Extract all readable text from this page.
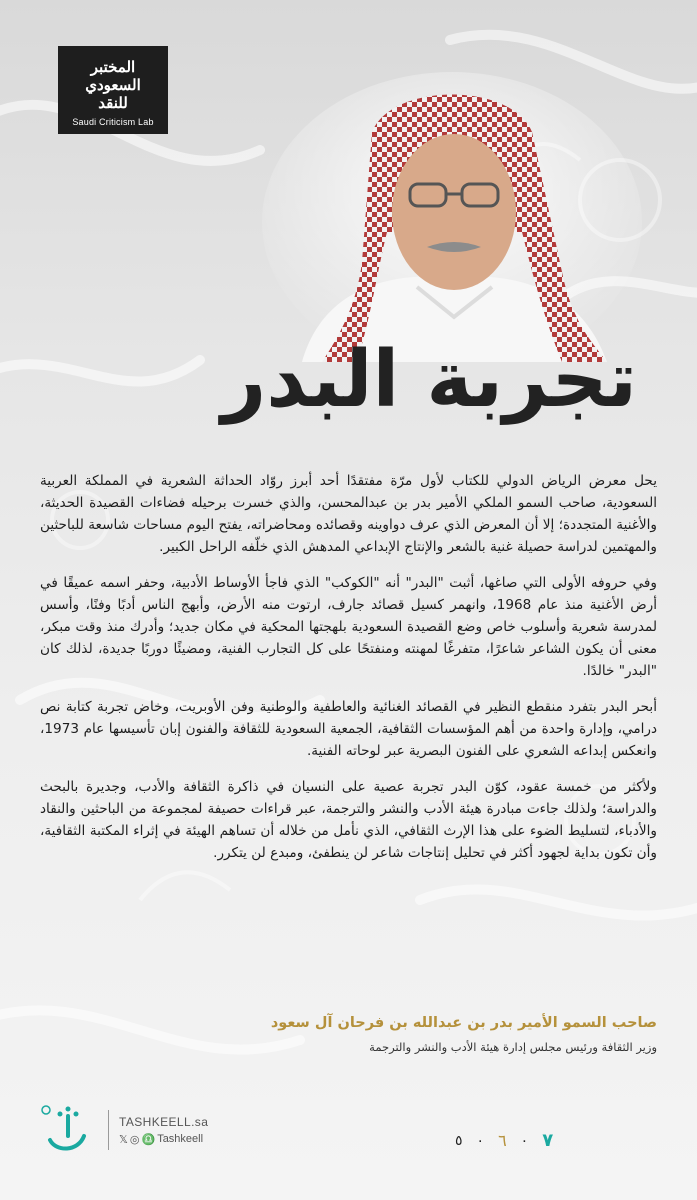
المختبر
السعودي
للنقد
Saudi Criticism Lab
تجربة البدر

يحل معرض الرياض الدولي للكتاب لأول مرّة مفتقدًا أحد أبرز روّاد الحداثة الشعرية في المملكة العربية السعودية، صاحب السمو الملكي الأمير بدر بن عبدالمحسن، والذي خسرت برحيله فضاءات القصيدة الحديثة، والأغنية المتجددة؛ إلا أن المعرض الذي عرف دواوينه وقصائده ومحاضراته، يفتح اليوم مساحات شاسعة للباحثين والمهتمين لدراسة حصيلة غنية بالشعر والإنتاج الإبداعي المدهش الذي خلّفه الراحل الكبير.

وفي حروفه الأولى التي صاغها، أثبت "البدر" أنه "الكوكب" الذي فاجأ الأوساط الأدبية، وحفر اسمه عميقًا في أرض الأغنية منذ عام 1968، وانهمر كسيل قصائد جارف، ارتوت منه الأرض، وأبهج الناس أدبًا وفنًا، وأسس لمدرسة شعرية وأسلوب خاص وضع القصيدة السعودية بلهجتها المحكية في مكان جديد؛ وأدرك منذ وقت مبكر، معنى أن يكون الشاعر شاعرًا، متفرغًا لمهنته ومنفتحًا على كل التجارب الفنية، ومضيئًا دوربًا جديدة، لذلك كان "البدر" خالدًا.

أبحر البدر بتفرد منقطع النظير في القصائد الغنائية والعاطفية والوطنية وفن الأوبريت، وخاض تجربة كتابة نص درامي، وإدارة واحدة من أهم المؤسسات الثقافية، الجمعية السعودية للثقافة والفنون إبان تأسيسها عام 1973، وانعكس إبداعه الشعري على الفنون البصرية عبر لوحاته الفنية.

ولأكثر من خمسة عقود، كوّن البدر تجربة عصية على النسيان في ذاكرة الثقافة والأدب، وجديرة بالبحث والدراسة؛ ولذلك جاءت مبادرة هيئة الأدب والنشر والترجمة، عبر قراءات حصيفة لمجموعة من الباحثين والنقاد والأدباء، لتسليط الضوء على هذا الإرث الثقافي، الذي نأمل من خلاله أن تساهم الهيئة في إثراء المكتبة الثقافية، وأن تكون بداية لجهود أكثر في تحليل إنتاجات شاعر لن ينطفئ، ومبدع لن يتكرر.

صاحب السمو الأمير بدر بن عبدالله بن فرحان آل سعود
وزير الثقافة ورئيس مجلس إدارة هيئة الأدب والنشر والترجمة
TASHKEELL.sa
𝕏 ◎ ♎ Tashkeell	٥ ٠ ٦ ٠ ٧
